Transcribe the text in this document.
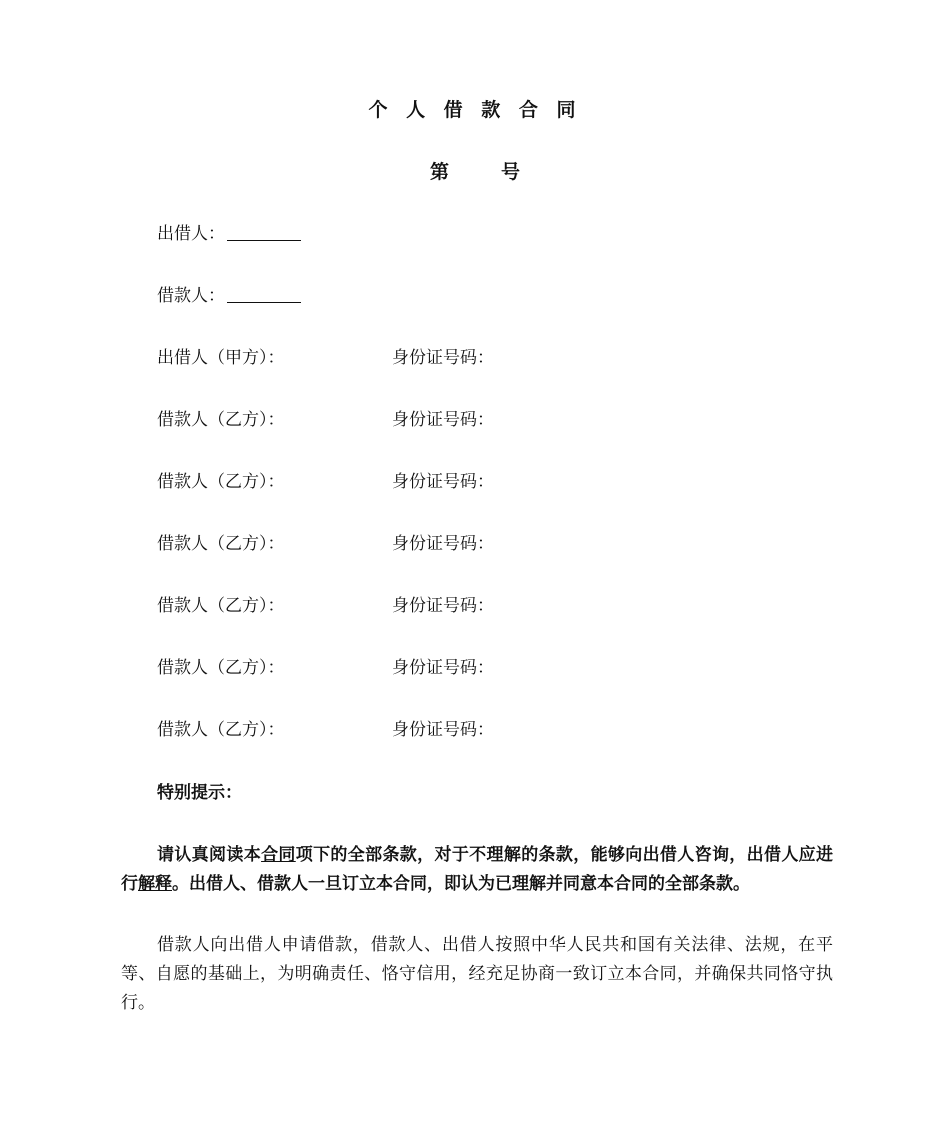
个 人 借 款 合 同
第	号
出借人：
借款人：
出借人（甲方）：	身份证号码：
借款人（乙方）：	身份证号码：
借款人（乙方）：	身份证号码：
借款人（乙方）：	身份证号码：
借款人（乙方）：	身份证号码：
借款人（乙方）：	身份证号码：
借款人（乙方）：	身份证号码：
特别提示：
请认真阅读本合同项下的全部条款，对于不理解的条款，能够向出借人咨询，出借人应进行解释。出借人、借款人一旦订立本合同，即认为已理解并同意本合同的全部条款。
借款人向出借人申请借款，借款人、出借人按照中华人民共和国有关法律、法规，在平等、自愿的基础上，为明确责任、恪守信用，经充足协商一致订立本合同，并确保共同恪守执行。
